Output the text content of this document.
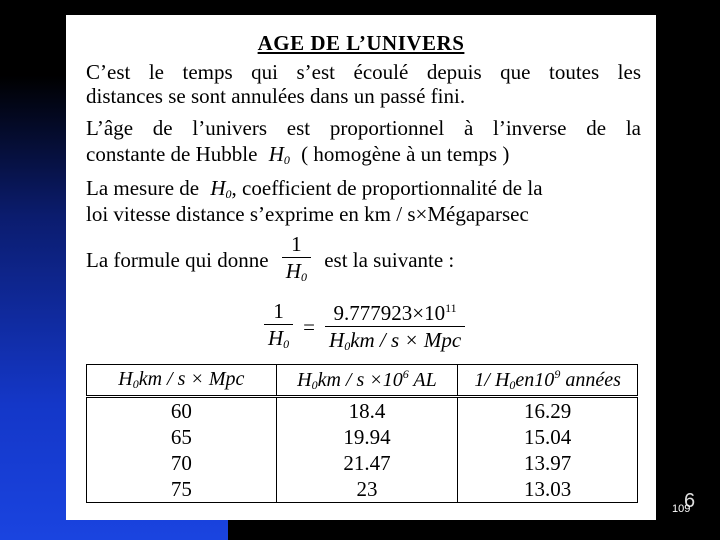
AGE DE L’UNIVERS
C’est le temps qui s’est écoulé depuis que toutes les
distances se sont annulées dans un passé fini.
L’âge de l’univers est proportionnel à l’inverse de la
constante de Hubble $H_0$ ( homogène à un temps )
La mesure de $H_0$, coefficient de proportionnalité de la
loi vitesse distance s’exprime en km / s×Mégaparsec
La formule qui donne $\frac{1}{H_0}$ est la suivante :
$\frac{1}{H_0} = \frac{9.777923\times 10^{11}}{H_0km / s \times Mpc}$
$H_0km$ / s × Mpc	$H_0km / s \times 10^6$ AL	1/ $H_0en10^9$ années
60	18.4	16.29
65	19.94	15.04
70	21.47	13.97
75	23	13.03	6
109
